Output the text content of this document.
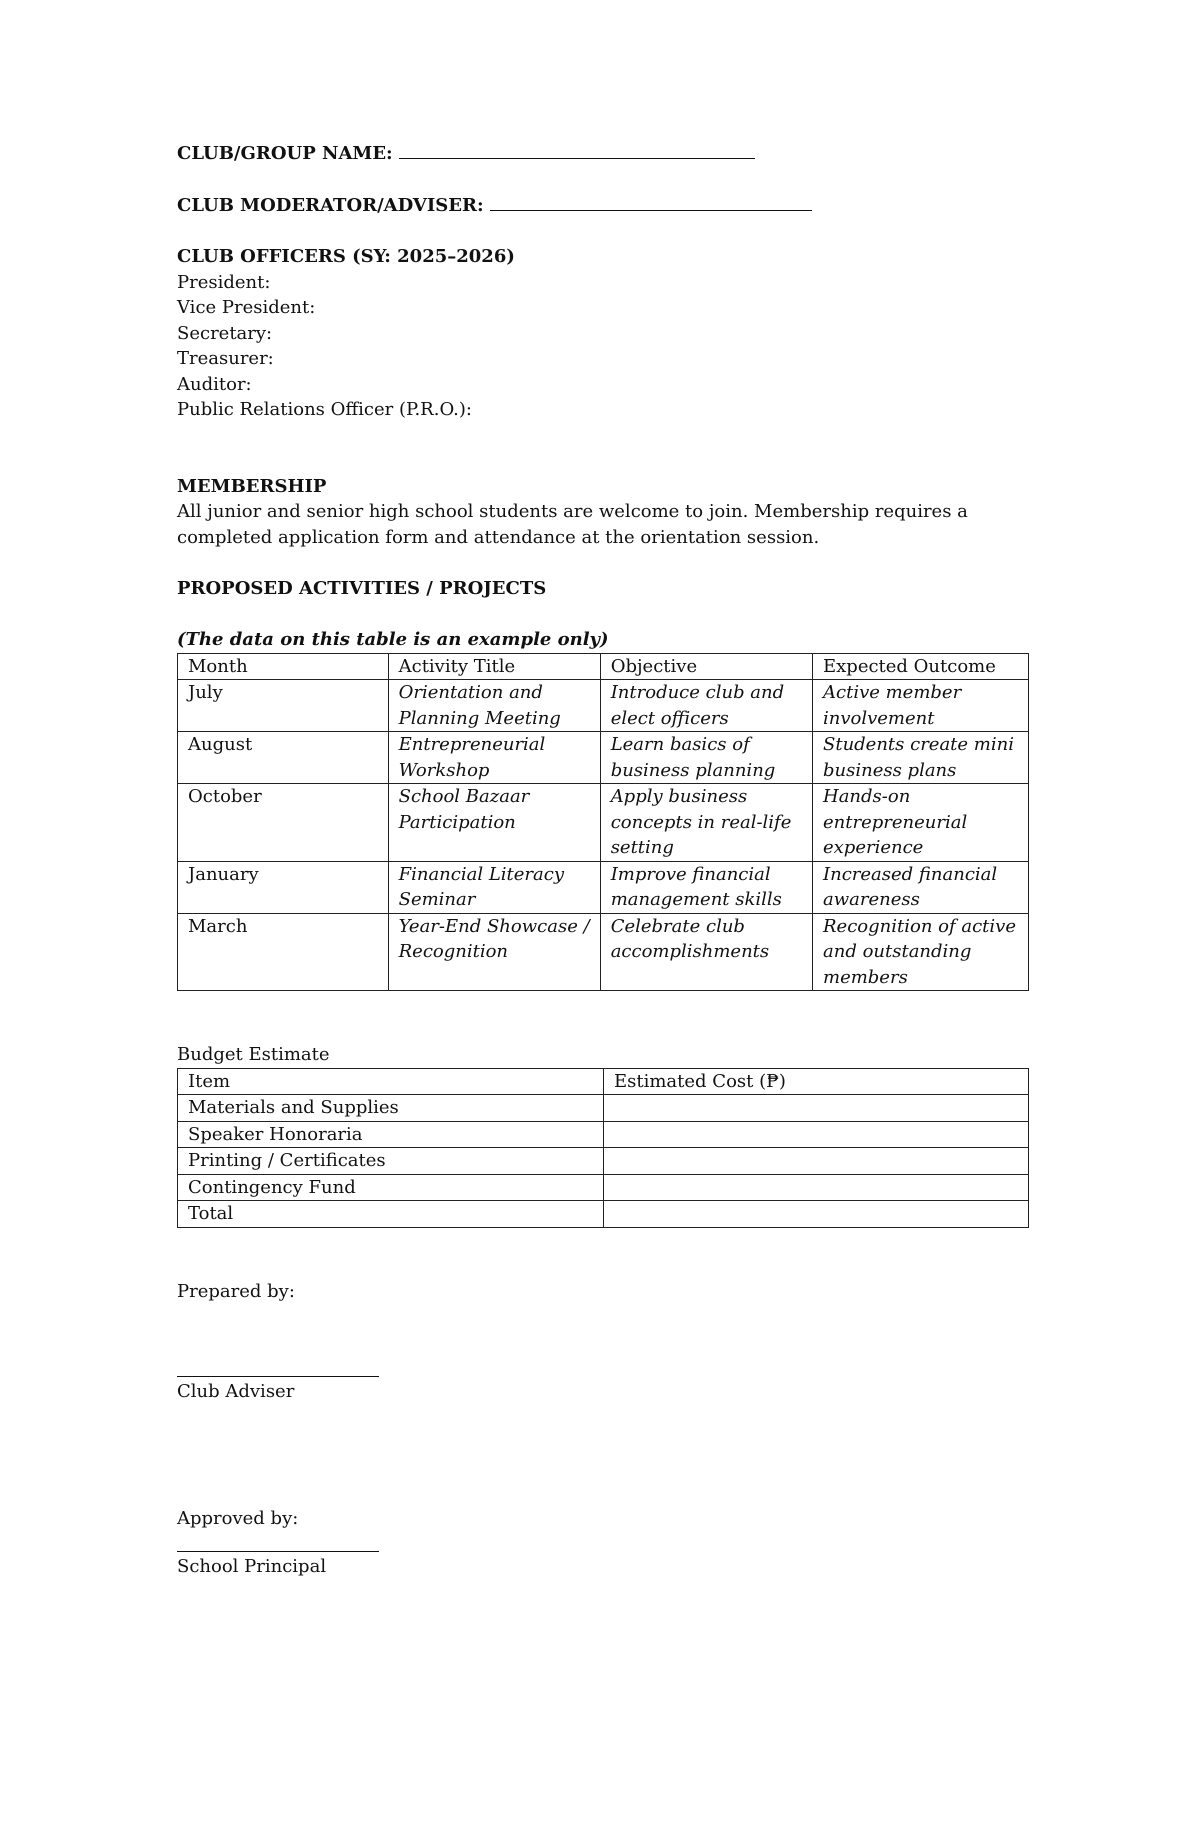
CLUB/GROUP NAME:
CLUB MODERATOR/ADVISER:
CLUB OFFICERS (SY: 2025–2026)
President:
Vice President:
Secretary:
Treasurer:
Auditor:
Public Relations Officer (P.R.O.):
MEMBERSHIP
All junior and senior high school students are welcome to join. Membership requires a completed application form and attendance at the orientation session.
PROPOSED ACTIVITIES / PROJECTS
(The data on this table is an example only)
Month	Activity Title	Objective	Expected Outcome
July	Orientation and Planning Meeting	Introduce club and elect officers	Active member involvement
August	Entrepreneurial Workshop	Learn basics of business planning	Students create mini business plans
October	School Bazaar Participation	Apply business concepts in real-life setting	Hands-on entrepreneurial experience
January	Financial Literacy Seminar	Improve financial management skills	Increased financial awareness
March	Year-End Showcase / Recognition	Celebrate club accomplishments	Recognition of active and outstanding members
Budget Estimate
Item	Estimated Cost (₱)
Materials and Supplies	
Speaker Honoraria	
Printing / Certificates	
Contingency Fund	
Total	
Prepared by:
Club Adviser
Approved by:
School Principal
